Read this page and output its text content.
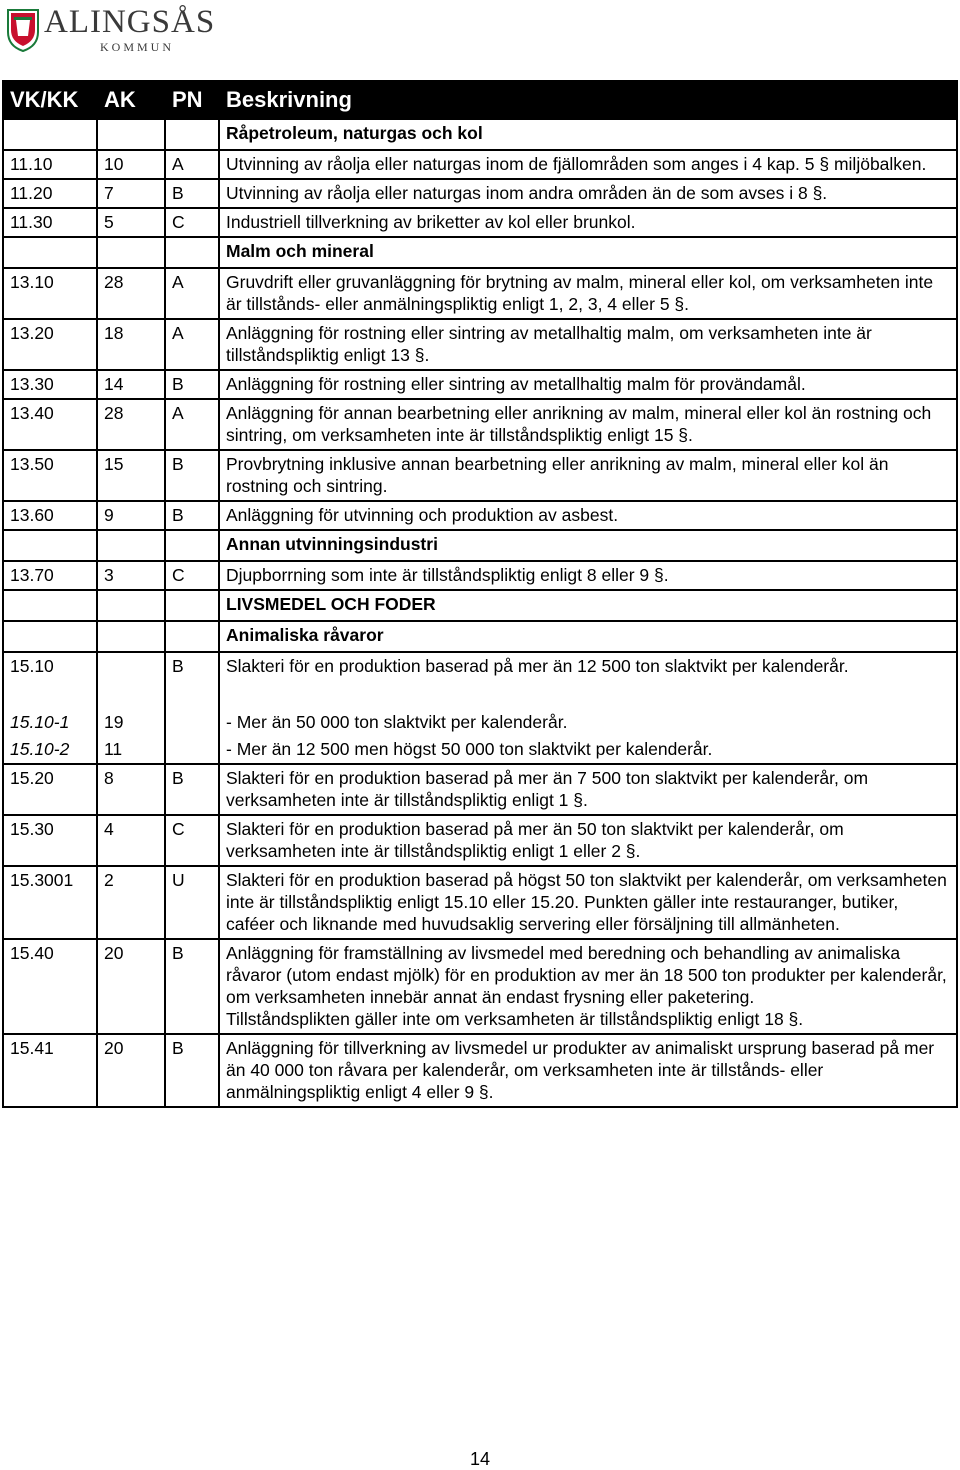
ALINGSÅS
KOMMUN
VK/KK	AK	PN	Beskrivning
			Råpetroleum, naturgas och kol
11.10	10	A	Utvinning av råolja eller naturgas inom de fjällområden som anges i 4 kap. 5 § miljöbalken.

11.20	7	B	Utvinning av råolja eller naturgas inom andra områden än de som avses i 8 §.

11.30	5	C	Industriell tillverkning av briketter av kol eller brunkol.

			Malm och mineral
13.10	28	A	Gruvdrift eller gruvanläggning för brytning av malm, mineral eller kol, om verksamheten inte är tillstånds- eller anmälningspliktig enligt 1, 2, 3, 4 eller 5 §.

13.20	18	A	Anläggning för rostning eller sintring av metallhaltig malm, om verksamheten inte är tillståndspliktig enligt 13 §.

13.30	14	B	Anläggning för rostning eller sintring av metallhaltig malm för provändamål.

13.40	28	A	Anläggning för annan bearbetning eller anrikning av malm, mineral eller kol än rostning och sintring, om verksamheten inte är tillståndspliktig enligt 15 §.

13.50	15	B	Provbrytning inklusive annan bearbetning eller anrikning av malm, mineral eller kol än rostning och sintring.

13.60	9	B	Anläggning för utvinning och produktion av asbest.

			Annan utvinningsindustri
13.70	3	C	Djupborrning som inte är tillståndspliktig enligt 8 eller 9 §.

			LIVSMEDEL OCH FODER
			Animaliska råvaror
15.10		B	Slakteri för en produktion baserad på mer än 12 500 ton slaktvikt per kalenderår.

15.10-1	19		- Mer än 50 000 ton slaktvikt per kalenderår.

15.10-2	11		- Mer än 12 500 men högst 50 000 ton slaktvikt per kalenderår.

15.20	8	B	Slakteri för en produktion baserad på mer än 7 500 ton slaktvikt per kalenderår, om verksamheten inte är tillståndspliktig enligt 1 §.

15.30	4	C	Slakteri för en produktion baserad på mer än 50 ton slaktvikt per kalenderår, om verksamheten inte är tillståndspliktig enligt 1 eller 2 §.

15.3001	2	U	Slakteri för en produktion baserad på högst 50 ton slaktvikt per kalenderår, om verksamheten inte är tillståndspliktig enligt 15.10 eller 15.20. Punkten gäller inte restauranger, butiker, caféer och liknande med huvudsaklig servering eller försäljning till allmänheten.

15.40	20	B	Anläggning för framställning av livsmedel med beredning och behandling av animaliska råvaror (utom endast mjölk) för en produktion av mer än 18 500 ton produkter per kalenderår, om verksamheten innebär annat än endast frysning eller paketering.
Tillståndsplikten gäller inte om verksamheten är tillståndspliktig enligt 18 §.

15.41	20	B	Anläggning för tillverkning av livsmedel ur produkter av animaliskt ursprung baserad på mer än 40 000 ton råvara per kalenderår, om verksamheten inte är tillstånds- eller anmälningspliktig enligt 4 eller 9 §.
14
